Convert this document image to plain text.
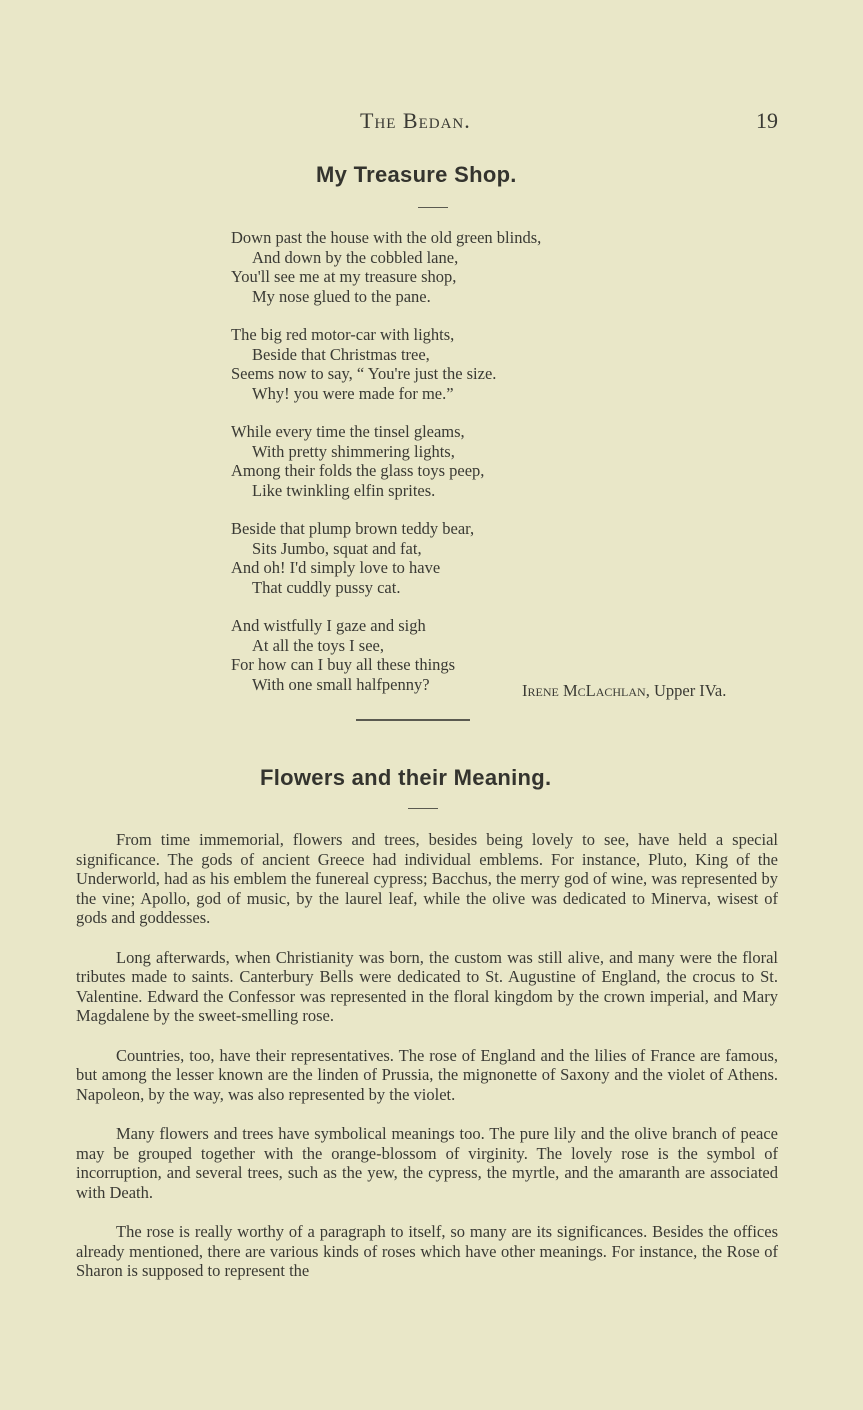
The Bedan.	19
My Treasure Shop.
Down past the house with the old green blinds,
And down by the cobbled lane,
You'll see me at my treasure shop,
My nose glued to the pane.
The big red motor-car with lights,
Beside that Christmas tree,
Seems now to say, “ You're just the size.
Why! you were made for me.”
While every time the tinsel gleams,
With pretty shimmering lights,
Among their folds the glass toys peep,
Like twinkling elfin sprites.
Beside that plump brown teddy bear,
Sits Jumbo, squat and fat,
And oh! I'd simply love to have
That cuddly pussy cat.
And wistfully I gaze and sigh
At all the toys I see,
For how can I buy all these things
With one small halfpenny?	Irene McLachlan, Upper IVa.
Flowers and their Meaning.

From time immemorial, flowers and trees, besides being lovely to see, have held a special significance. The gods of ancient Greece had individual emblems. For instance, Pluto, King of the Underworld, had as his emblem the funereal cypress; Bacchus, the merry god of wine, was represented by the vine; Apollo, god of music, by the laurel leaf, while the olive was dedicated to Minerva, wisest of gods and goddesses.

Long afterwards, when Christianity was born, the custom was still alive, and many were the floral tributes made to saints. Canterbury Bells were dedicated to St. Augustine of England, the crocus to St. Valentine. Edward the Confessor was represented in the floral kingdom by the crown imperial, and Mary Magdalene by the sweet-smelling rose.

Countries, too, have their representatives. The rose of England and the lilies of France are famous, but among the lesser known are the linden of Prussia, the mignonette of Saxony and the violet of Athens. Napoleon, by the way, was also represented by the violet.

Many flowers and trees have symbolical meanings too. The pure lily and the olive branch of peace may be grouped together with the orange-blossom of virginity. The lovely rose is the symbol of incorruption, and several trees, such as the yew, the cypress, the myrtle, and the amaranth are associated with Death.

The rose is really worthy of a paragraph to itself, so many are its significances. Besides the offices already mentioned, there are various kinds of roses which have other meanings. For instance, the Rose of Sharon is supposed to represent the
